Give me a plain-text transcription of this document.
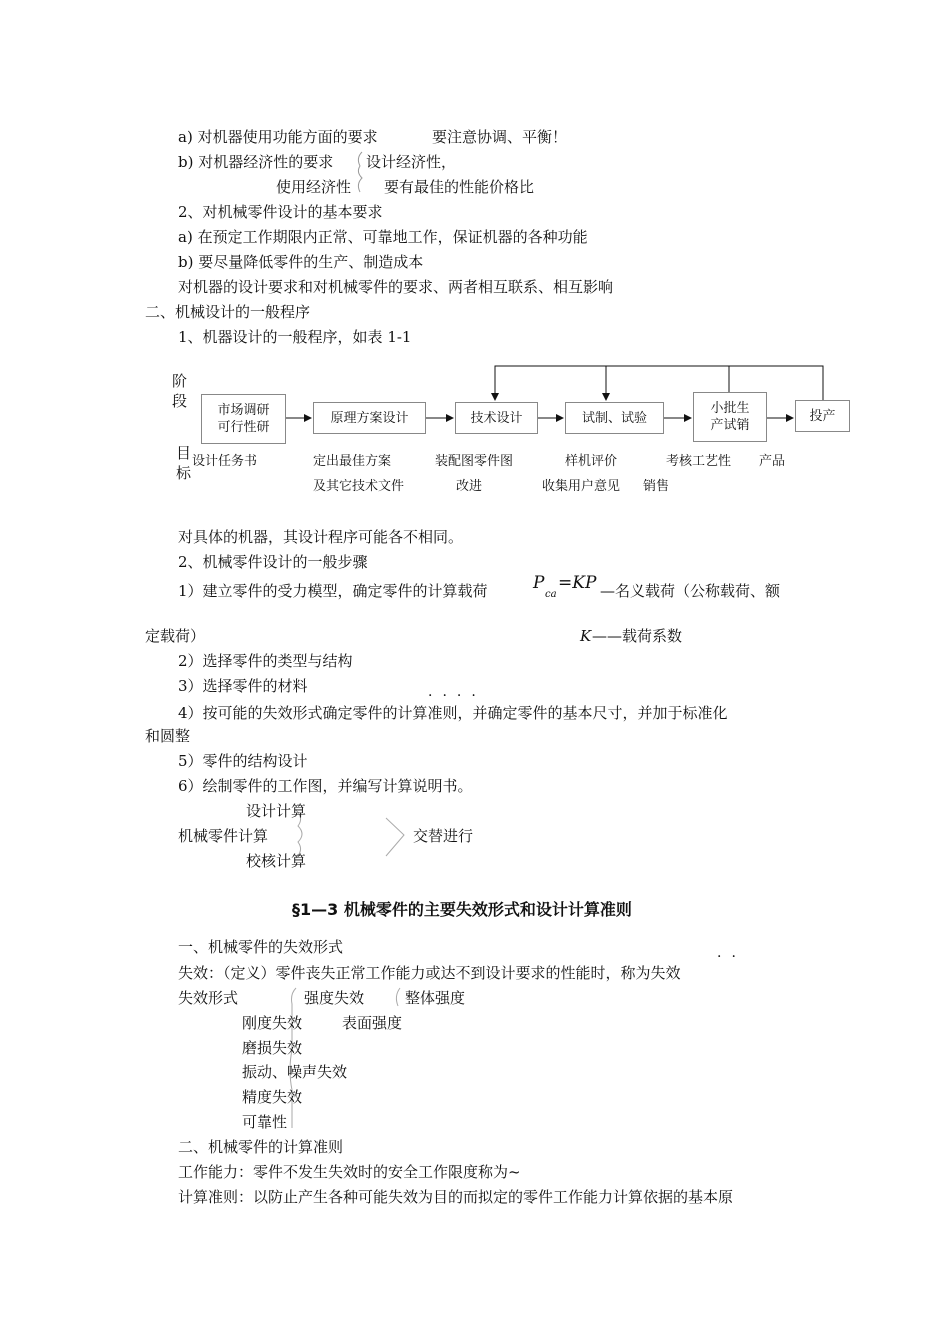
a) 对机器使用功能方面的要求	要注意协调、平衡！
b) 对机器经济性的要求 设计经济性，
使用经济性 要有最佳的性能价格比
2、对机械零件设计的基本要求
a) 在预定工作期限内正常、可靠地工作，保证机器的各种功能
b) 要尽量降低零件的生产、制造成本
对机器的设计要求和对机械零件的要求、两者相互联系、相互影响
二、机械设计的一般程序
1、机器设计的一般程序，如表 1-1
阶
段
市场调研
可行性研
原理方案设计	技术设计	试制、试验
小批生
产试销
投产
目
标
设计任务书	定出最佳方案	装配图零件图	样机评价	考核工艺性 产品
及其它技术文件	改进	收集用户意见 销售
对具体的机器，其设计程序可能各不相同。
2、机械零件设计的一般步骤
1）建立零件的受力模型，确定零件的计算载荷	P
ca
=KP —名义载荷（公称载荷、额
定载荷）	K ——载荷系数
2）选择零件的类型与结构
3）选择零件的材料
····
4）按可能的失效形式确定零件的计算准则，并确定零件的基本尺寸，并加于标准化
和圆整
5）零件的结构设计
6）绘制零件的工作图，并编写计算说明书。
设计计算
机械零件计算	交替进行
校核计算
§1—3 机械零件的主要失效形式和设计计算准则
一、机械零件的失效形式
··
失效：（定义）零件丧失正常工作能力或达不到设计要求的性能时，称为失效
失效形式	强度失效	整体强度
刚度失效	表面强度
磨损失效
振动、噪声失效
精度失效
可靠性
二、机械零件的计算准则
工作能力：零件不发生失效时的安全工作限度称为~
计算准则：以防止产生各种可能失效为目的而拟定的零件工作能力计算依据的基本原
